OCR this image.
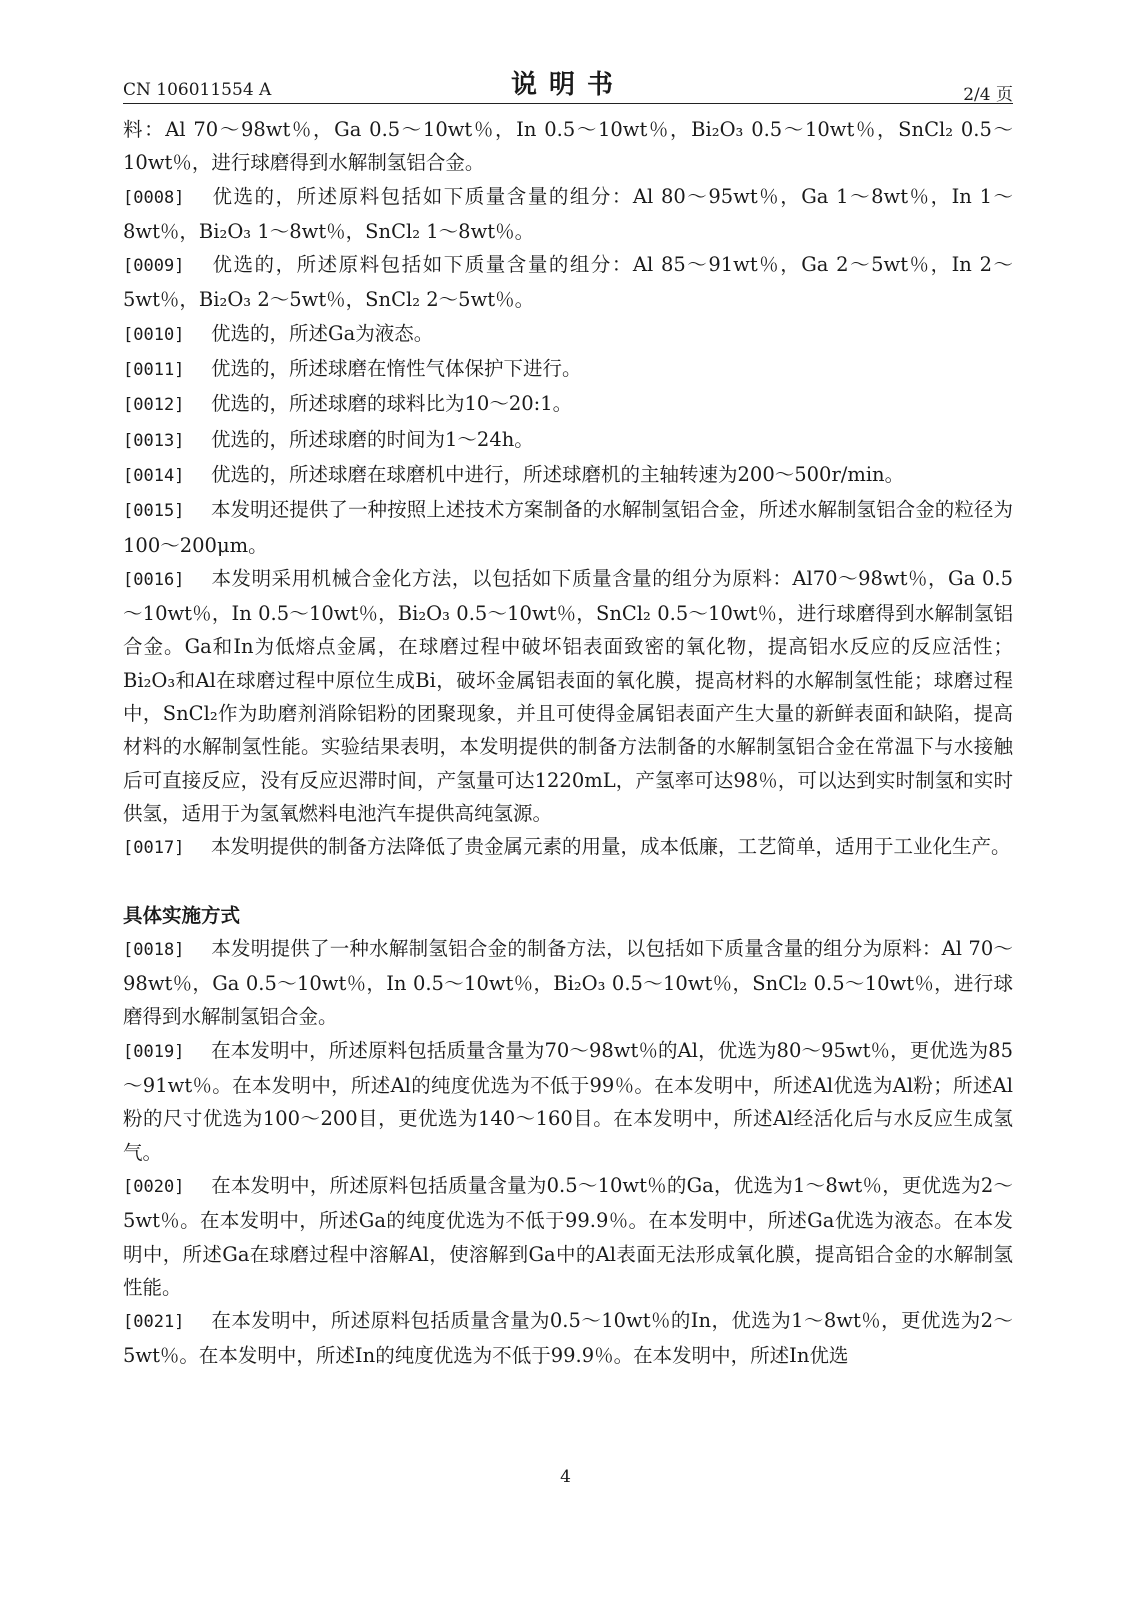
CN 106011554 A	说明书	2/4 页

料：Al 70～98wt％，Ga 0.5～10wt％，In 0.5～10wt％，Bi₂O₃ 0.5～10wt％，SnCl₂ 0.5～10wt％，进行球磨得到水解制氢铝合金。

[0008] 优选的，所述原料包括如下质量含量的组分：Al 80～95wt％，Ga 1～8wt％，In 1～8wt％，Bi₂O₃ 1～8wt％，SnCl₂ 1～8wt％。

[0009] 优选的，所述原料包括如下质量含量的组分：Al 85～91wt％，Ga 2～5wt％，In 2～5wt％，Bi₂O₃ 2～5wt％，SnCl₂ 2～5wt％。

[0010] 优选的，所述Ga为液态。

[0011] 优选的，所述球磨在惰性气体保护下进行。

[0012] 优选的，所述球磨的球料比为10～20:1。

[0013] 优选的，所述球磨的时间为1～24h。

[0014] 优选的，所述球磨在球磨机中进行，所述球磨机的主轴转速为200～500r/min。

[0015] 本发明还提供了一种按照上述技术方案制备的水解制氢铝合金，所述水解制氢铝合金的粒径为100～200μm。

[0016] 本发明采用机械合金化方法，以包括如下质量含量的组分为原料：Al70～98wt％，Ga 0.5～10wt％，In 0.5～10wt％，Bi₂O₃ 0.5～10wt％，SnCl₂ 0.5～10wt％，进行球磨得到水解制氢铝合金。Ga和In为低熔点金属，在球磨过程中破坏铝表面致密的氧化物，提高铝水反应的反应活性；Bi₂O₃和Al在球磨过程中原位生成Bi，破坏金属铝表面的氧化膜，提高材料的水解制氢性能；球磨过程中，SnCl₂作为助磨剂消除铝粉的团聚现象，并且可使得金属铝表面产生大量的新鲜表面和缺陷，提高材料的水解制氢性能。实验结果表明，本发明提供的制备方法制备的水解制氢铝合金在常温下与水接触后可直接反应，没有反应迟滞时间，产氢量可达1220mL，产氢率可达98％，可以达到实时制氢和实时供氢，适用于为氢氧燃料电池汽车提供高纯氢源。

[0017] 本发明提供的制备方法降低了贵金属元素的用量，成本低廉，工艺简单，适用于工业化生产。

具体实施方式

[0018] 本发明提供了一种水解制氢铝合金的制备方法，以包括如下质量含量的组分为原料：Al 70～98wt％，Ga 0.5～10wt％，In 0.5～10wt％，Bi₂O₃ 0.5～10wt％，SnCl₂ 0.5～10wt％，进行球磨得到水解制氢铝合金。

[0019] 在本发明中，所述原料包括质量含量为70～98wt％的Al，优选为80～95wt％，更优选为85～91wt％。在本发明中，所述Al的纯度优选为不低于99％。在本发明中，所述Al优选为Al粉；所述Al粉的尺寸优选为100～200目，更优选为140～160目。在本发明中，所述Al经活化后与水反应生成氢气。

[0020] 在本发明中，所述原料包括质量含量为0.5～10wt％的Ga，优选为1～8wt％，更优选为2～5wt％。在本发明中，所述Ga的纯度优选为不低于99.9％。在本发明中，所述Ga优选为液态。在本发明中，所述Ga在球磨过程中溶解Al，使溶解到Ga中的Al表面无法形成氧化膜，提高铝合金的水解制氢性能。

[0021] 在本发明中，所述原料包括质量含量为0.5～10wt％的In，优选为1～8wt％，更优选为2～5wt％。在本发明中，所述In的纯度优选为不低于99.9％。在本发明中，所述In优选

4
